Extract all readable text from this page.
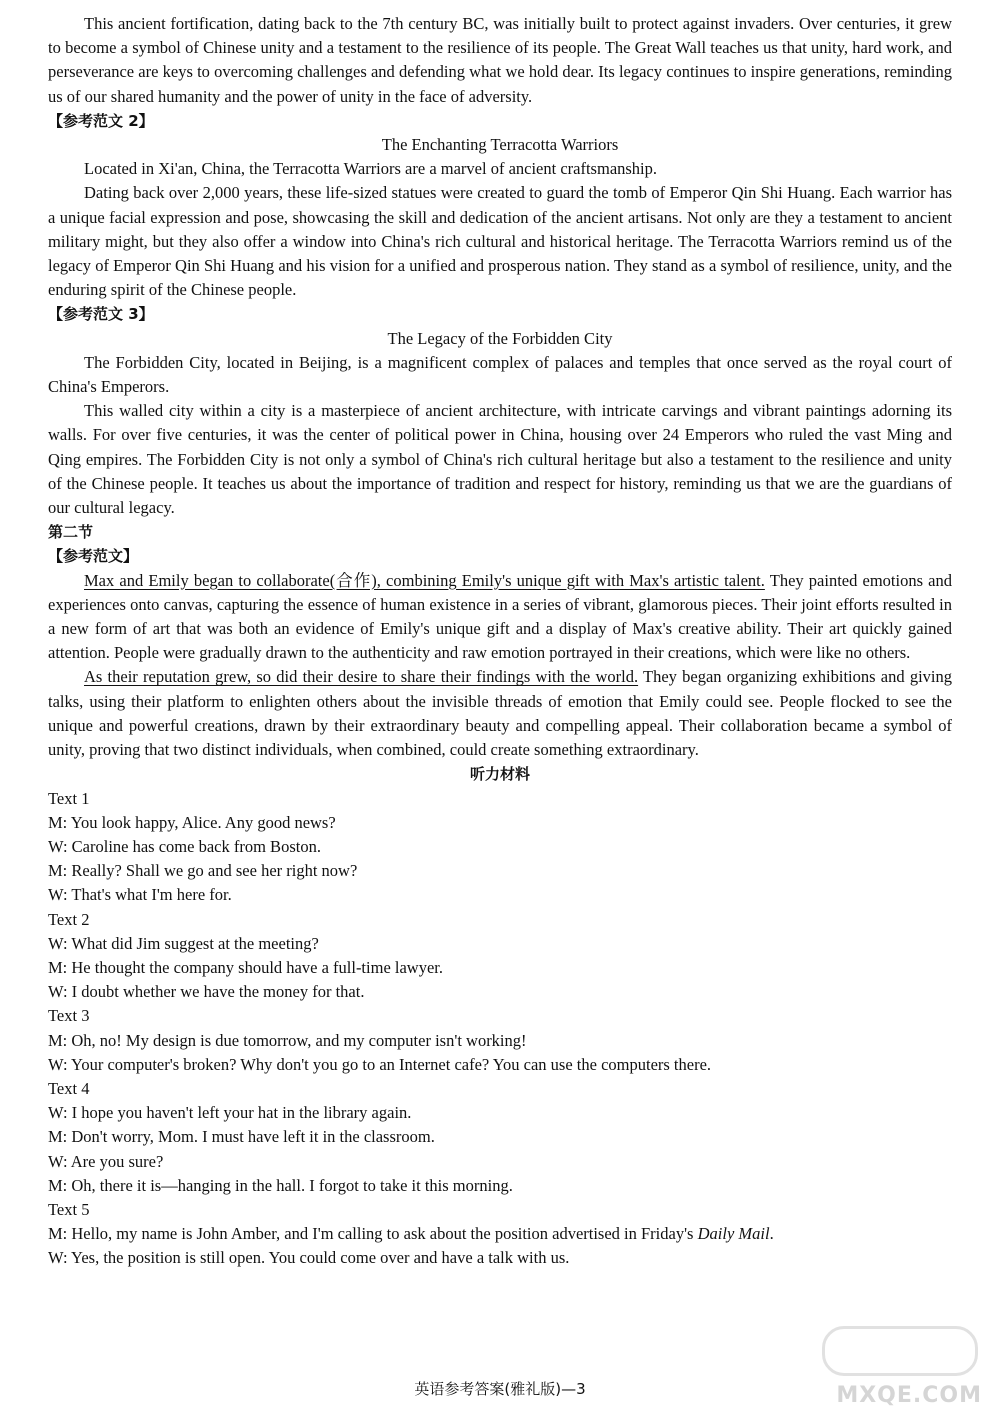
This ancient fortification, dating back to the 7th century BC, was initially built to protect against invaders. Over centuries, it grew to become a symbol of Chinese unity and a testament to the resilience of its people. The Great Wall teaches us that unity, hard work, and perseverance are keys to overcoming challenges and defending what we hold dear. Its legacy continues to inspire generations, reminding us of our shared humanity and the power of unity in the face of adversity.

【参考范文 2】

The Enchanting Terracotta Warriors

Located in Xi'an, China, the Terracotta Warriors are a marvel of ancient craftsmanship.

Dating back over 2,000 years, these life-sized statues were created to guard the tomb of Emperor Qin Shi Huang. Each warrior has a unique facial expression and pose, showcasing the skill and dedication of the ancient artisans. Not only are they a testament to ancient military might, but they also offer a window into China's rich cultural and historical heritage. The Terracotta Warriors remind us of the legacy of Emperor Qin Shi Huang and his vision for a unified and prosperous nation. They stand as a symbol of resilience, unity, and the enduring spirit of the Chinese people.

【参考范文 3】

The Legacy of the Forbidden City

The Forbidden City, located in Beijing, is a magnificent complex of palaces and temples that once served as the royal court of China's Emperors.

This walled city within a city is a masterpiece of ancient architecture, with intricate carvings and vibrant paintings adorning its walls. For over five centuries, it was the center of political power in China, housing over 24 Emperors who ruled the vast Ming and Qing empires. The Forbidden City is not only a symbol of China's rich cultural heritage but also a testament to the resilience and unity of the Chinese people. It teaches us about the importance of tradition and respect for history, reminding us that we are the guardians of our cultural legacy.

第二节
【参考范文】

Max and Emily began to collaborate(合作), combining Emily's unique gift with Max's artistic talent. They painted emotions and experiences onto canvas, capturing the essence of human existence in a series of vibrant, glamorous pieces. Their joint efforts resulted in a new form of art that was both an evidence of Emily's unique gift and a display of Max's creative ability. Their art quickly gained attention. People were gradually drawn to the authenticity and raw emotion portrayed in their creations, which were like no others.

As their reputation grew, so did their desire to share their findings with the world. They began organizing exhibitions and giving talks, using their platform to enlighten others about the invisible threads of emotion that Emily could see. People flocked to see the unique and powerful creations, drawn by their extraordinary beauty and compelling appeal. Their collaboration became a symbol of unity, proving that two distinct individuals, when combined, could create something extraordinary.

听力材料

Text 1

M: You look happy, Alice. Any good news?

W: Caroline has come back from Boston.

M: Really? Shall we go and see her right now?

W: That's what I'm here for.

Text 2

W: What did Jim suggest at the meeting?

M: He thought the company should have a full-time lawyer.

W: I doubt whether we have the money for that.

Text 3

M: Oh, no! My design is due tomorrow, and my computer isn't working!

W: Your computer's broken? Why don't you go to an Internet cafe? You can use the computers there.

Text 4

W: I hope you haven't left your hat in the library again.

M: Don't worry, Mom. I must have left it in the classroom.

W: Are you sure?

M: Oh, there it is—hanging in the hall. I forgot to take it this morning.

Text 5

M: Hello, my name is John Amber, and I'm calling to ask about the position advertised in Friday's Daily Mail.

W: Yes, the position is still open. You could come over and have a talk with us.

MXQE.COM
英语参考答案(雅礼版)—3
